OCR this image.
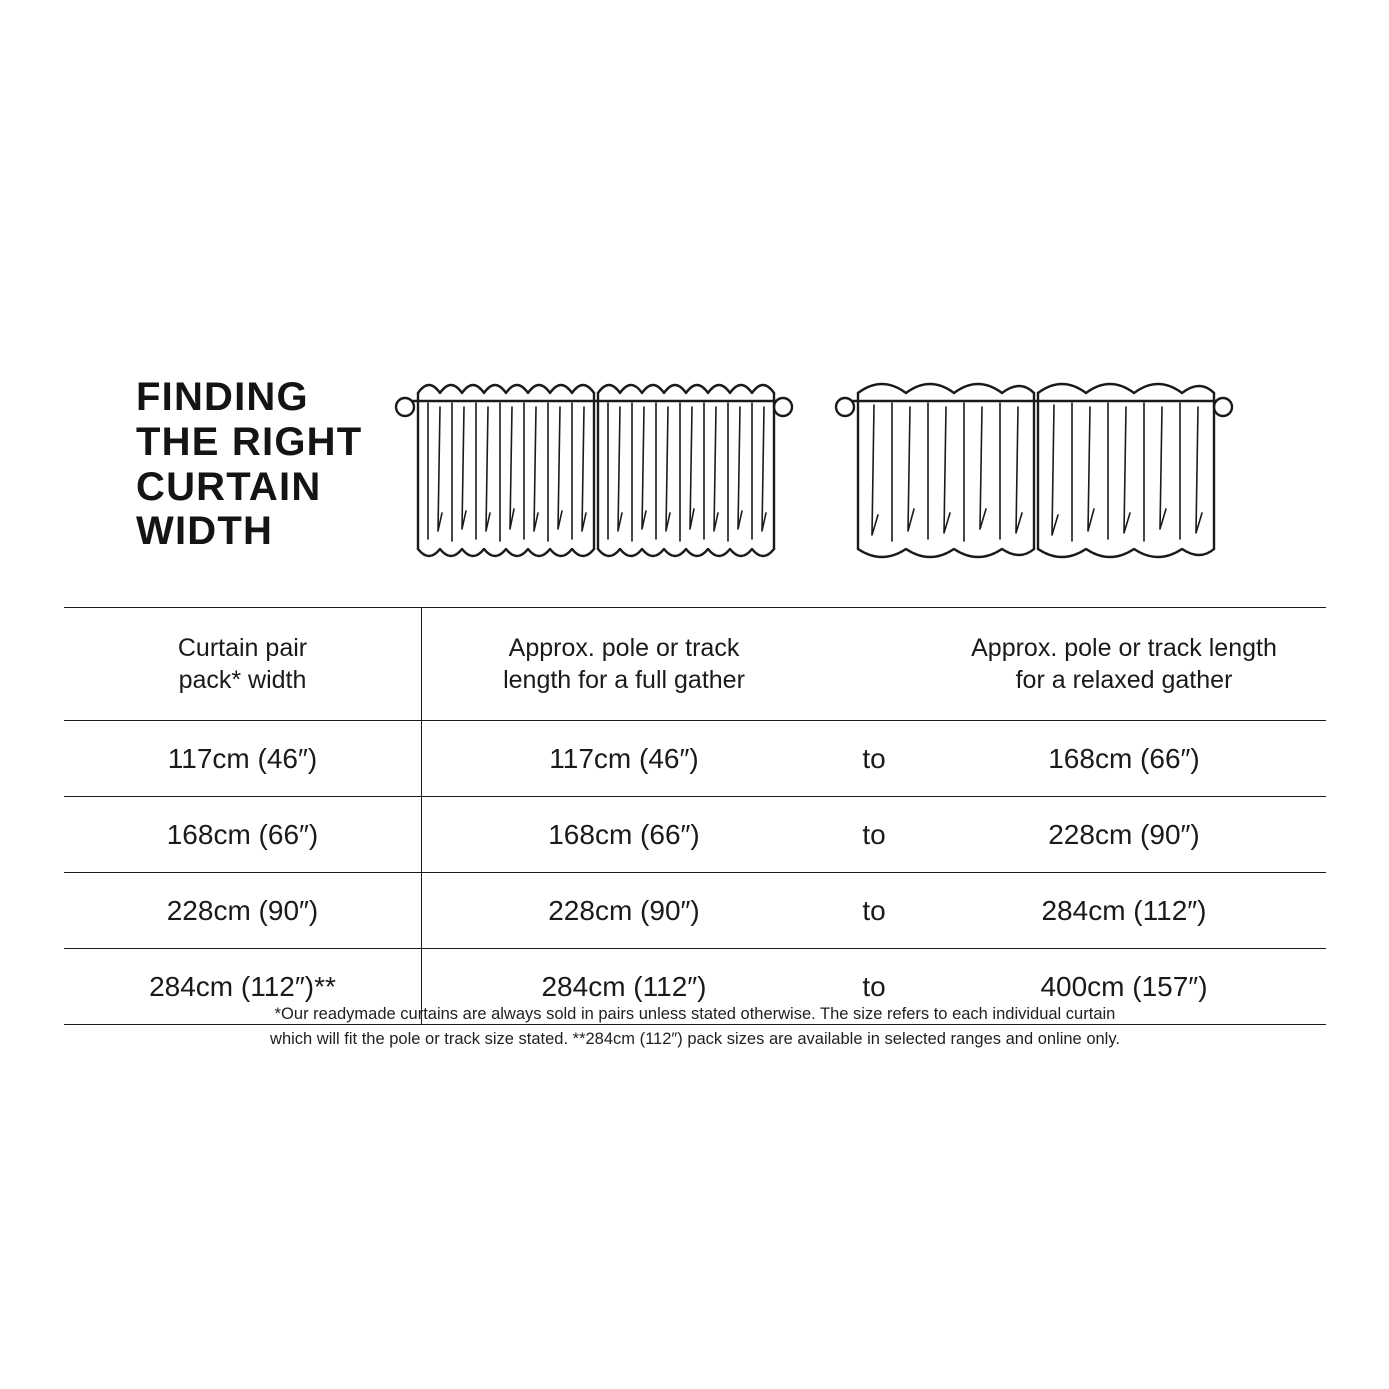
FINDING
THE RIGHT
CURTAIN
WIDTH
Curtain pair
pack* width
Approx. pole or track
length for a full gather
Approx. pole or track length
for a relaxed gather
117cm (46″)	117cm (46″)	to	168cm (66″)
168cm (66″)	168cm (66″)	to	228cm (90″)
228cm (90″)	228cm (90″)	to	284cm (112″)
284cm (112″)**	284cm (112″)	to	400cm (157″)
*Our readymade curtains are always sold in pairs unless stated otherwise. The size refers to each individual curtain
which will fit the pole or track size stated. **284cm (112″) pack sizes are available in selected ranges and online only.
